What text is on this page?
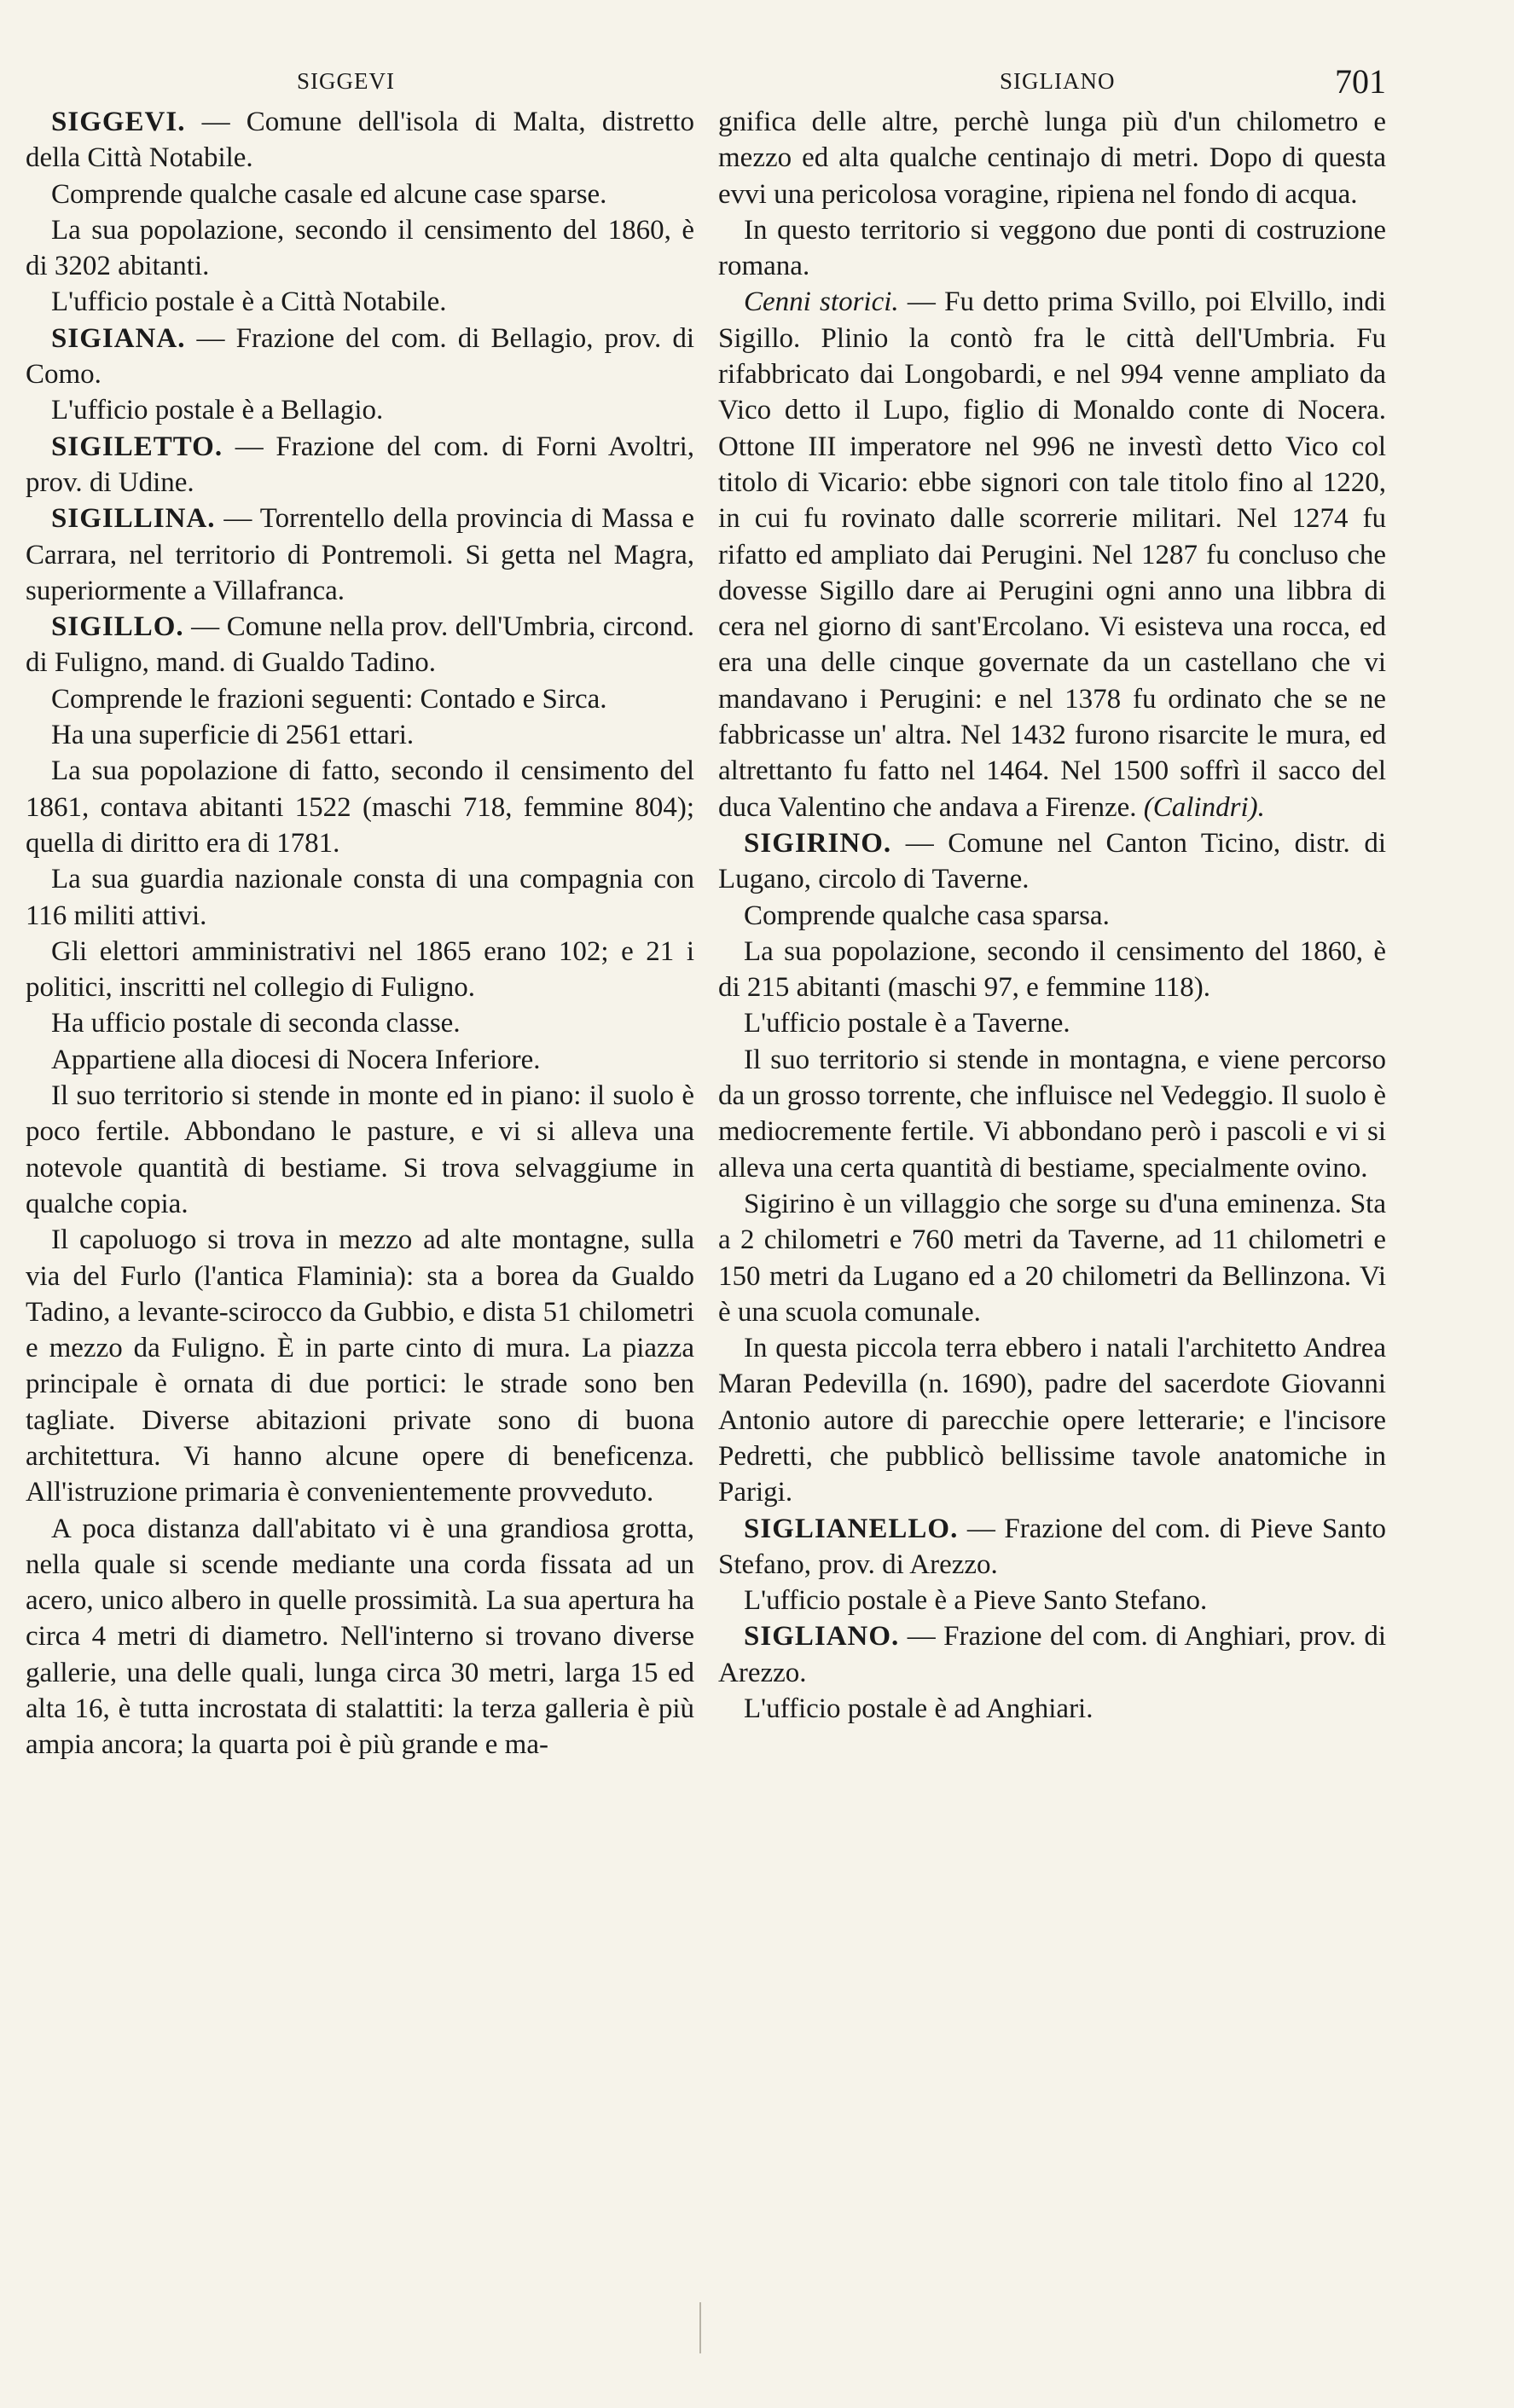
SIGGEVI	SIGLIANO	701

SIGGEVI. — Comune dell'isola di Malta, distretto della Città Notabile.

Comprende qualche casale ed alcune case sparse.

La sua popolazione, secondo il censimento del 1860, è di 3202 abitanti.

L'ufficio postale è a Città Notabile.

SIGIANA. — Frazione del com. di Bellagio, prov. di Como.

L'ufficio postale è a Bellagio.

SIGILETTO. — Frazione del com. di Forni Avoltri, prov. di Udine.

SIGILLINA. — Torrentello della provincia di Massa e Carrara, nel territorio di Pontremoli. Si getta nel Magra, superiormente a Villafranca.

SIGILLO. — Comune nella prov. dell'Umbria, circond. di Fuligno, mand. di Gualdo Tadino.

Comprende le frazioni seguenti: Contado e Sirca.

Ha una superficie di 2561 ettari.

La sua popolazione di fatto, secondo il censimento del 1861, contava abitanti 1522 (maschi 718, femmine 804); quella di diritto era di 1781.

La sua guardia nazionale consta di una compagnia con 116 militi attivi.

Gli elettori amministrativi nel 1865 erano 102; e 21 i politici, inscritti nel collegio di Fuligno.

Ha ufficio postale di seconda classe.

Appartiene alla diocesi di Nocera Inferiore.

Il suo territorio si stende in monte ed in piano: il suolo è poco fertile. Abbondano le pasture, e vi si alleva una notevole quantità di bestiame. Si trova selvaggiume in qualche copia.

Il capoluogo si trova in mezzo ad alte montagne, sulla via del Furlo (l'antica Flaminia): sta a borea da Gualdo Tadino, a levante-scirocco da Gubbio, e dista 51 chilometri e mezzo da Fuligno. È in parte cinto di mura. La piazza principale è ornata di due portici: le strade sono ben tagliate. Diverse abitazioni private sono di buona architettura. Vi hanno alcune opere di beneficenza. All'istruzione primaria è convenientemente provveduto.

A poca distanza dall'abitato vi è una grandiosa grotta, nella quale si scende mediante una corda fissata ad un acero, unico albero in quelle prossimità. La sua apertura ha circa 4 metri di diametro. Nell'interno si trovano diverse gallerie, una delle quali, lunga circa 30 metri, larga 15 ed alta 16, è tutta incrostata di stalattiti: la terza galleria è più ampia ancora; la quarta poi è più grande e ma-

gnifica delle altre, perchè lunga più d'un chilometro e mezzo ed alta qualche centinajo di metri. Dopo di questa evvi una pericolosa voragine, ripiena nel fondo di acqua.

In questo territorio si veggono due ponti di costruzione romana.

Cenni storici. — Fu detto prima Svillo, poi Elvillo, indi Sigillo. Plinio la contò fra le città dell'Umbria. Fu rifabbricato dai Longobardi, e nel 994 venne ampliato da Vico detto il Lupo, figlio di Monaldo conte di Nocera. Ottone III imperatore nel 996 ne investì detto Vico col titolo di Vicario: ebbe signori con tale titolo fino al 1220, in cui fu rovinato dalle scorrerie militari. Nel 1274 fu rifatto ed ampliato dai Perugini. Nel 1287 fu concluso che dovesse Sigillo dare ai Perugini ogni anno una libbra di cera nel giorno di sant'Ercolano. Vi esisteva una rocca, ed era una delle cinque governate da un castellano che vi mandavano i Perugini: e nel 1378 fu ordinato che se ne fabbricasse un' altra. Nel 1432 furono risarcite le mura, ed altrettanto fu fatto nel 1464. Nel 1500 soffrì il sacco del duca Valentino che andava a Firenze. (Calindri).

SIGIRINO. — Comune nel Canton Ticino, distr. di Lugano, circolo di Taverne.

Comprende qualche casa sparsa.

La sua popolazione, secondo il censimento del 1860, è di 215 abitanti (maschi 97, e femmine 118).

L'ufficio postale è a Taverne.

Il suo territorio si stende in montagna, e viene percorso da un grosso torrente, che influisce nel Vedeggio. Il suolo è mediocremente fertile. Vi abbondano però i pascoli e vi si alleva una certa quantità di bestiame, specialmente ovino.

Sigirino è un villaggio che sorge su d'una eminenza. Sta a 2 chilometri e 760 metri da Taverne, ad 11 chilometri e 150 metri da Lugano ed a 20 chilometri da Bellinzona. Vi è una scuola comunale.

In questa piccola terra ebbero i natali l'architetto Andrea Maran Pedevilla (n. 1690), padre del sacerdote Giovanni Antonio autore di parecchie opere letterarie; e l'incisore Pedretti, che pubblicò bellissime tavole anatomiche in Parigi.

SIGLIANELLO. — Frazione del com. di Pieve Santo Stefano, prov. di Arezzo.

L'ufficio postale è a Pieve Santo Stefano.

SIGLIANO. — Frazione del com. di Anghiari, prov. di Arezzo.

L'ufficio postale è ad Anghiari.
